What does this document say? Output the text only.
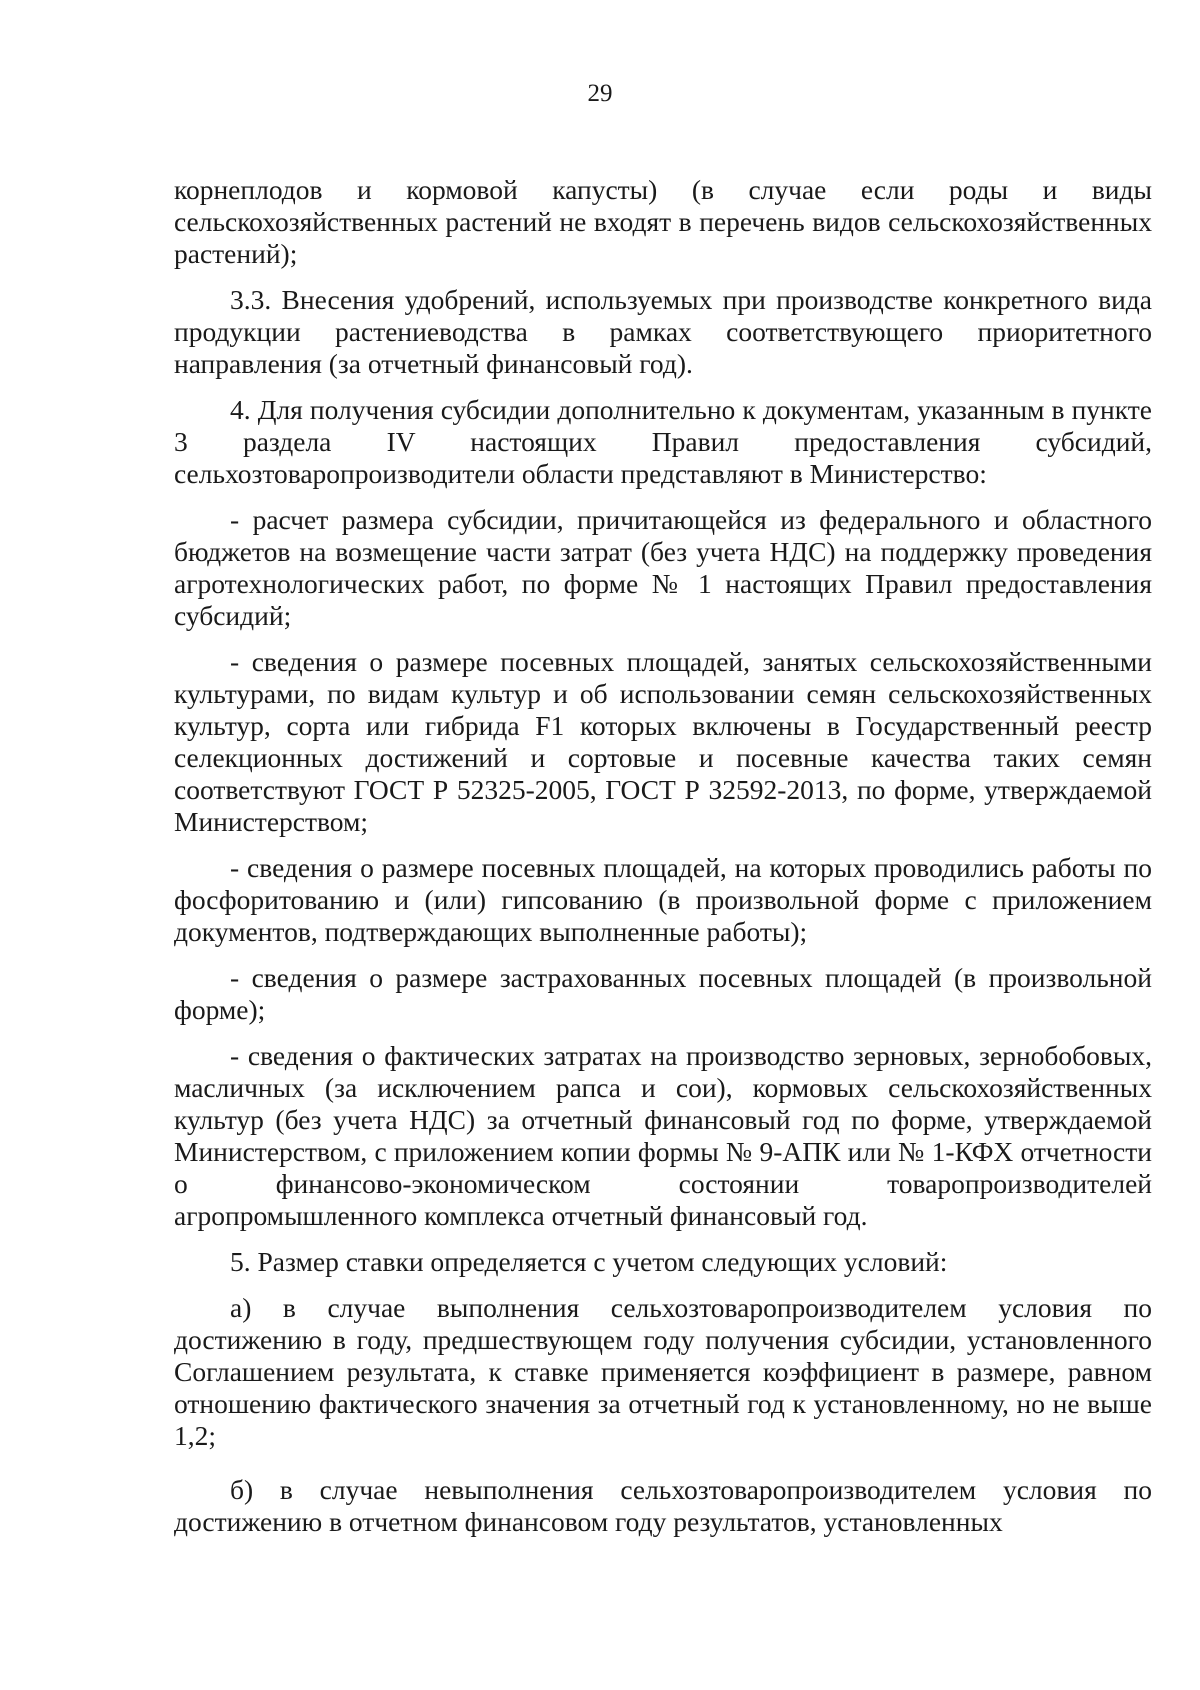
29

корнеплодов и кормовой капусты) (в случае если роды и виды сельскохозяйственных растений не входят в перечень видов сельскохозяйственных растений);

3.3. Внесения удобрений, используемых при производстве конкретного вида продукции растениеводства в рамках соответствующего приоритетного направления (за отчетный финансовый год).

4. Для получения субсидии дополнительно к документам, указанным в пункте 3 раздела IV настоящих Правил предоставления субсидий, сельхозтоваропроизводители области представляют в Министерство:

- расчет размера субсидии, причитающейся из федерального и областного бюджетов на возмещение части затрат (без учета НДС) на поддержку проведения агротехнологических работ, по форме № 1 настоящих Правил предоставления субсидий;

- сведения о размере посевных площадей, занятых сельскохозяйственными культурами, по видам культур и об использовании семян сельскохозяйственных культур, сорта или гибрида F1 которых включены в Государственный реестр селекционных достижений и сортовые и посевные качества таких семян соответствуют ГОСТ Р 52325-2005, ГОСТ Р 32592-2013, по форме, утверждаемой Министерством;

- сведения о размере посевных площадей, на которых проводились работы по фосфоритованию и (или) гипсованию (в произвольной форме с приложением документов, подтверждающих выполненные работы);

- сведения о размере застрахованных посевных площадей (в произвольной форме);

- сведения о фактических затратах на производство зерновых, зернобобовых, масличных (за исключением рапса и сои), кормовых сельскохозяйственных культур (без учета НДС) за отчетный финансовый год по форме, утверждаемой Министерством, с приложением копии формы № 9-АПК или № 1-КФХ отчетности о финансово-экономическом состоянии товаропроизводителей агропромышленного комплекса отчетный финансовый год.

5. Размер ставки определяется с учетом следующих условий:

а) в случае выполнения сельхозтоваропроизводителем условия по достижению в году, предшествующем году получения субсидии, установленного Соглашением результата, к ставке применяется коэффициент в размере, равном отношению фактического значения за отчетный год к установленному, но не выше 1,2;

б) в случае невыполнения сельхозтоваропроизводителем условия по достижению в отчетном финансовом году результатов, установленных
